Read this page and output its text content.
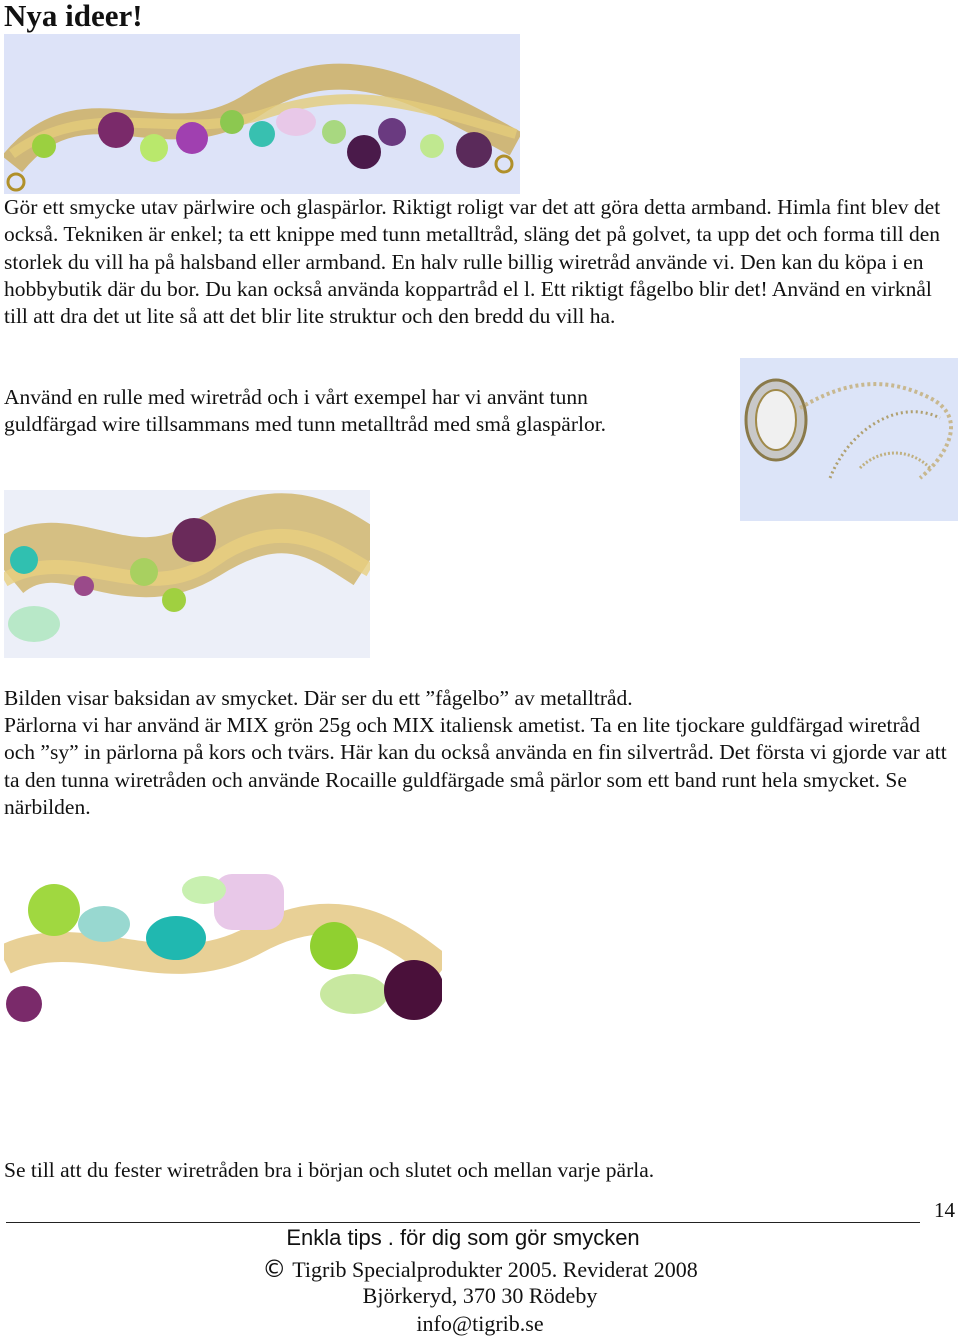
Nya ideer!

Gör ett smycke utav pärlwire och glaspärlor. Riktigt roligt var det att göra detta armband. Himla fint blev det också. Tekniken är enkel; ta ett knippe med tunn metalltråd, släng det på golvet, ta upp det och forma till den storlek du vill ha på halsband eller armband. En halv rulle billig wiretråd använde vi. Den kan du köpa i en hobbybutik där du bor. Du kan också använda koppartråd el l. Ett riktigt fågelbo blir det! Använd en virknål till att dra det ut lite så att det blir lite struktur och den bredd du vill ha.

Använd en rulle med wiretråd och i vårt exempel har vi använt tunn guldfärgad wire tillsammans med tunn metalltråd med små glaspärlor.

Bilden visar baksidan av smycket. Där ser du ett ”fågelbo” av metalltråd.

Pärlorna vi har använd är MIX grön 25g och MIX italiensk ametist. Ta en lite tjockare guldfärgad wiretråd och ”sy” in pärlorna på kors och tvärs. Här kan du också använda en fin silvertråd. Det första vi gjorde var att ta den tunna wiretråden och använde Rocaille guldfärgade små pärlor som ett band runt hela smycket. Se närbilden.

Se till att du fester wiretråden bra i början och slutet och mellan varje pärla.

14
Enkla tips . för dig som gör smycken
© Tigrib Specialprodukter 2005. Reviderat 2008
Björkeryd, 370 30 Rödeby
info@tigrib.se
